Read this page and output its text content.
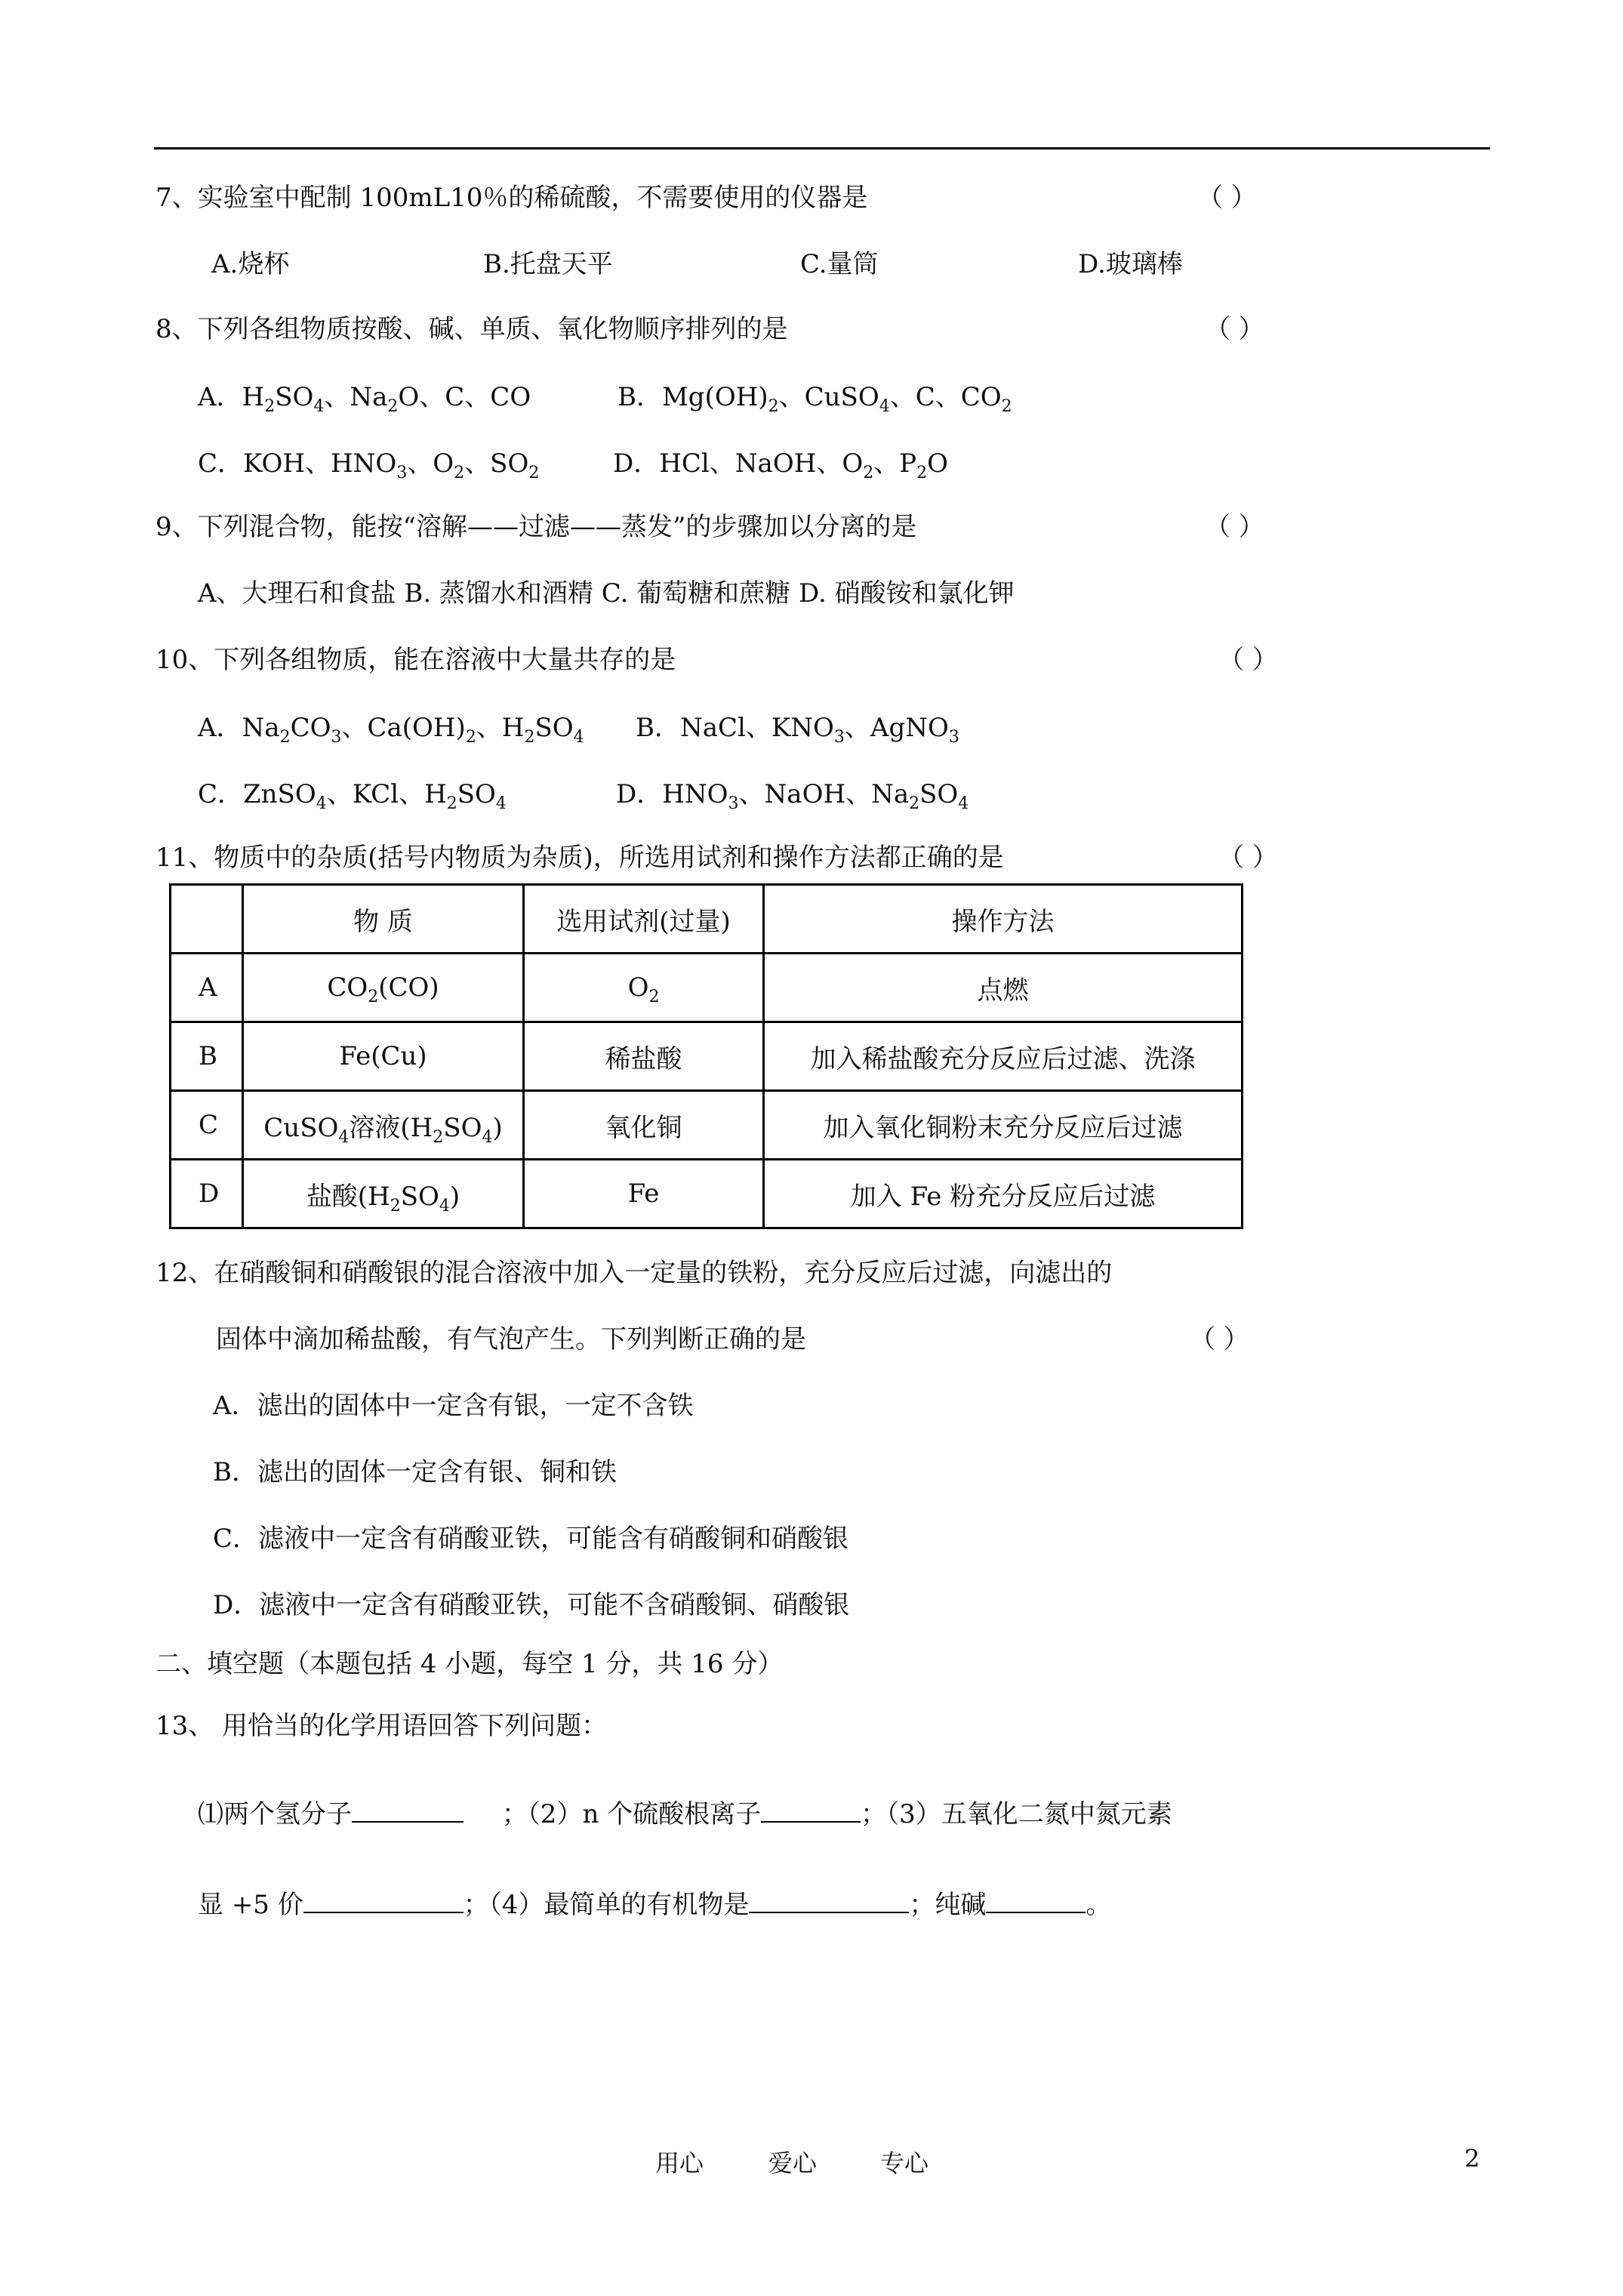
7、实验室中配制 100mL10％的稀硫酸，不需要使用的仪器是	（ ）
A.烧杯	B.托盘天平	C.量筒	D.玻璃棒
8、下列各组物质按酸、碱、单质、氧化物顺序排列的是	（ ）
A．$H_2SO_4$、$Na_2O$、C、CO	B．$Mg(OH)_2$、CuSO$_4$、C、$CO_2$
C．KOH、$HNO_3$、$O_2$、$SO_2$	D．HCl、NaOH、$O_2$、$P_2O$
9、下列混合物，能按“溶解——过滤——蒸发”的步骤加以分离的是	（ ）
A、大理石和食盐 B. 蒸馏水和酒精 C. 葡萄糖和蔗糖 D. 硝酸铵和氯化钾
10、下列各组物质，能在溶液中大量共存的是	（ ）
A．$Na_2CO_3$、$Ca(OH)_2$、$H_2SO_4$ B．NaCl、$KNO_3$、AgNO$_3$
C．ZnSO$_4$、KCl、$H_2SO_4$	D．$HNO_3$、NaOH、$Na_2SO_4$
11、物质中的杂质(括号内物质为杂质)，所选用试剂和操作方法都正确的是	（ ）
	物 质	选用试剂(过量)	操作方法
A	$CO_2(CO)$	$O_2$	点燃
B	Fe(Cu)	稀盐酸	加入稀盐酸充分反应后过滤、洗涤
C	CuSO$_4$溶液$(H_2SO_4)$	氧化铜	加入氧化铜粉末充分反应后过滤
D	盐酸$(H_2SO_4)$	Fe	加入 Fe 粉充分反应后过滤
12、在硝酸铜和硝酸银的混合溶液中加入一定量的铁粉，充分反应后过滤，向滤出的
固体中滴加稀盐酸，有气泡产生。下列判断正确的是	（ ）
A．滤出的固体中一定含有银，一定不含铁
B．滤出的固体一定含有银、铜和铁
C．滤液中一定含有硝酸亚铁，可能含有硝酸铜和硝酸银
D．滤液中一定含有硝酸亚铁，可能不含硝酸铜、硝酸银
二、填空题（本题包括 4 小题，每空 1 分，共 16 分）
13、 用恰当的化学用语回答下列问题：
⑴两个氢分子	；（2）n 个硫酸根离子	；（3）五氧化二氮中氮元素
显 +5 价	；（4）最简单的有机物是	；纯碱	。
用心	爱心	专心	2
